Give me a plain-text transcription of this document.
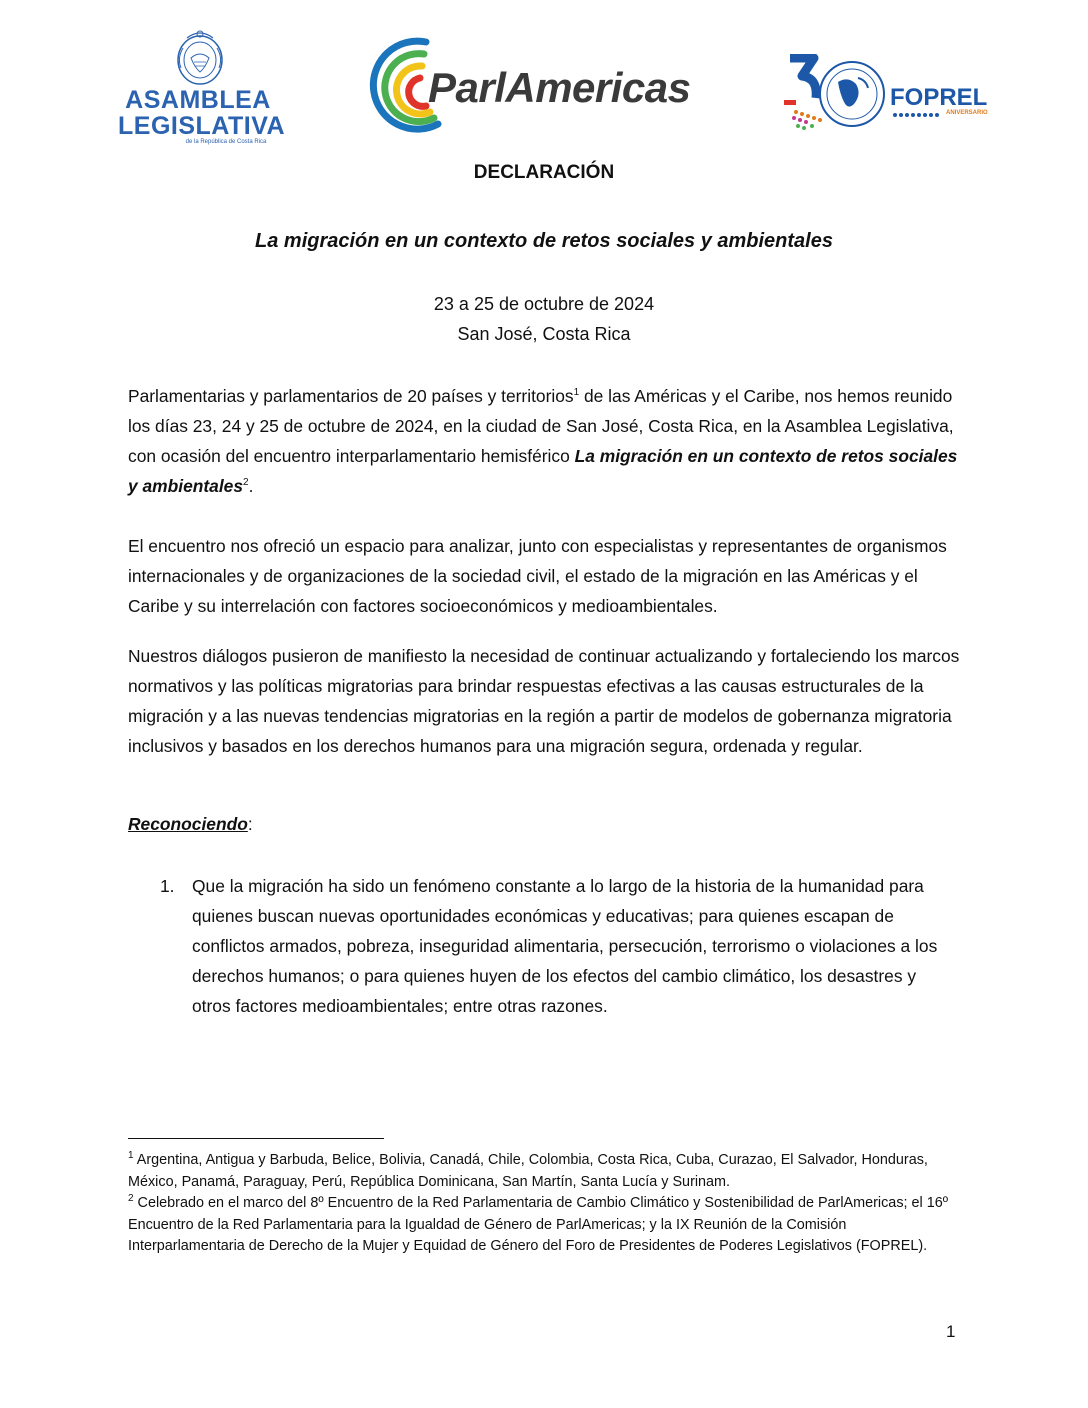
ASAMBLEA
LEGISLATIVA
de la República de Costa Rica
ParlAmericas	FOPREL
ANIVERSARIO
DECLARACIÓN
La migración en un contexto de retos sociales y ambientales
23 a 25 de octubre de 2024
San José, Costa Rica

Parlamentarias y parlamentarios de 20 países y territorios$^1$ de las Américas y el Caribe, nos hemos reunido los días 23, 24 y 25 de octubre de 2024, en la ciudad de San José, Costa Rica, en la Asamblea Legislativa, con ocasión del encuentro interparlamentario hemisférico La migración en un contexto de retos sociales y ambientales$^2$.

El encuentro nos ofreció un espacio para analizar, junto con especialistas y representantes de organismos internacionales y de organizaciones de la sociedad civil, el estado de la migración en las Américas y el Caribe y su interrelación con factores socioeconómicos y medioambientales.

Nuestros diálogos pusieron de manifiesto la necesidad de continuar actualizando y fortaleciendo los marcos normativos y las políticas migratorias para brindar respuestas efectivas a las causas estructurales de la migración y a las nuevas tendencias migratorias en la región a partir de modelos de gobernanza migratoria inclusivos y basados en los derechos humanos para una migración segura, ordenada y regular.

Reconociendo:
1.	Que la migración ha sido un fenómeno constante a lo largo de la historia de la humanidad para quienes buscan nuevas oportunidades económicas y educativas; para quienes escapan de conflictos armados, pobreza, inseguridad alimentaria, persecución, terrorismo o violaciones a los derechos humanos; o para quienes huyen de los efectos del cambio climático, los desastres y otros factores medioambientales; entre otras razones.

$^1$ Argentina, Antigua y Barbuda, Belice, Bolivia, Canadá, Chile, Colombia, Costa Rica, Cuba, Curazao, El Salvador, Honduras, México, Panamá, Paraguay, Perú, República Dominicana, San Martín, Santa Lucía y Surinam.

$^2$ Celebrado en el marco del 8º Encuentro de la Red Parlamentaria de Cambio Climático y Sostenibilidad de ParlAmericas; el 16º Encuentro de la Red Parlamentaria para la Igualdad de Género de ParlAmericas; y la IX Reunión de la Comisión Interparlamentaria de Derecho de la Mujer y Equidad de Género del Foro de Presidentes de Poderes Legislativos (FOPREL).

1
